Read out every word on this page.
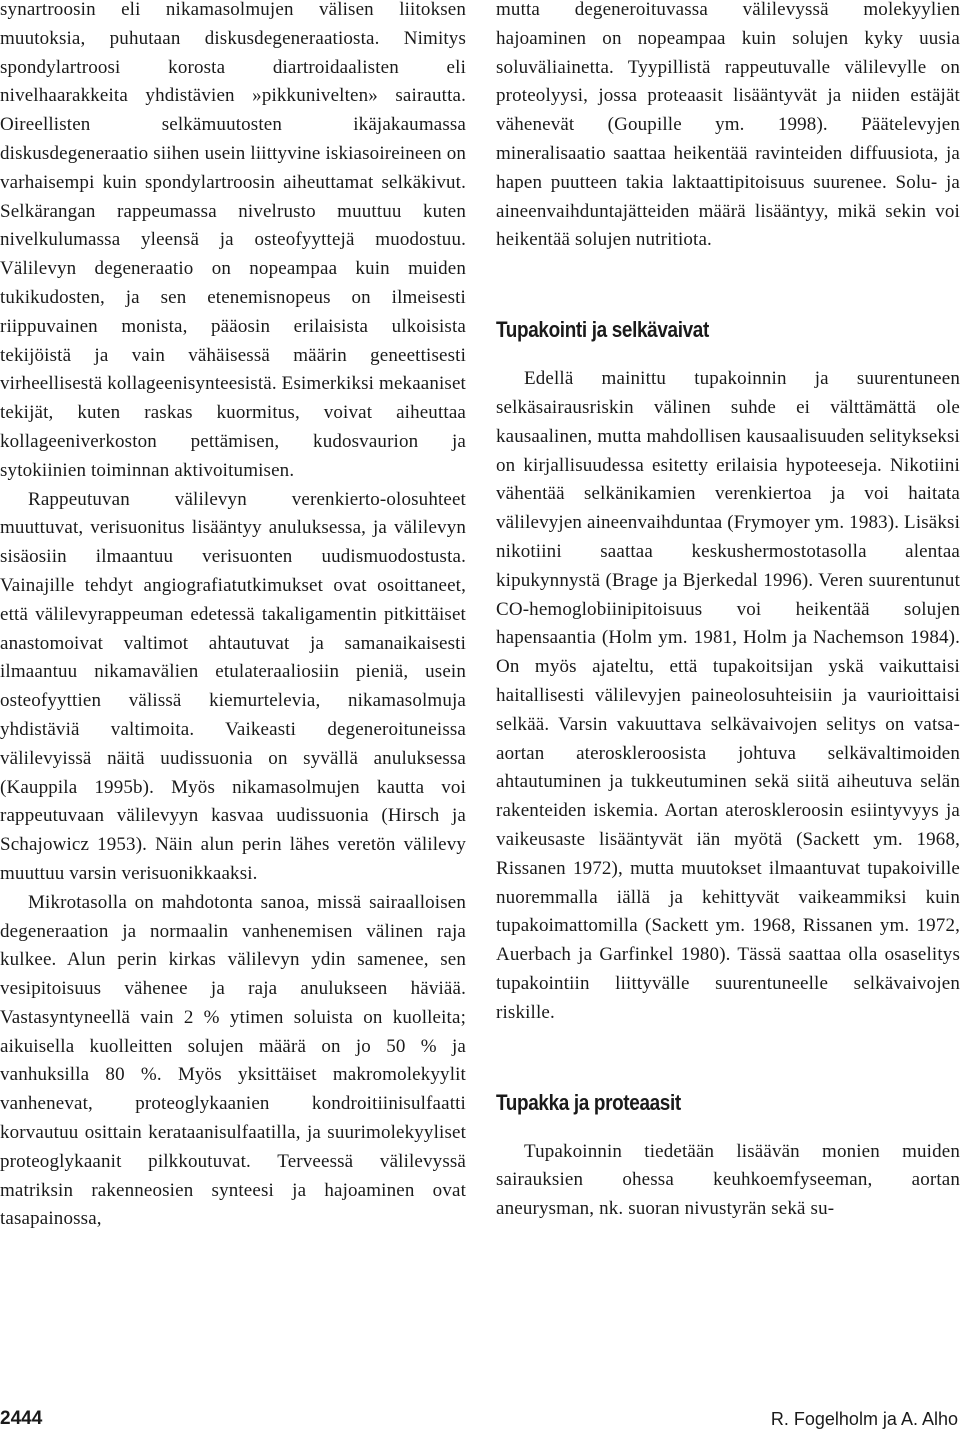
synartroosin eli nikamasolmujen välisen liitoksen muutoksia, puhutaan diskusdegeneraatiosta. Nimitys spondylartroosi korosta diartroidaalisten eli nivelhaarakkeita yhdistävien »pikkunivelten» sairautta. Oireellisten selkämuutosten ikäjakaumassa diskusdegeneraatio siihen usein liittyvine iskiasoireineen on varhaisempi kuin spondylartroosin aiheuttamat selkäkivut. Selkärangan rappeumassa nivelrusto muuttuu kuten nivelkulumassa yleensä ja osteofyyttejä muodostuu. Välilevyn degeneraatio on nopeampaa kuin muiden tukikudosten, ja sen etenemisnopeus on ilmeisesti riippuvainen monista, pääosin erilaisista ulkoisista tekijöistä ja vain vähäisessä määrin geneettisesti virheellisestä kollageenisynteesistä. Esimerkiksi mekaaniset tekijät, kuten raskas kuormitus, voivat aiheuttaa kollageeniverkoston pettämisen, kudosvaurion ja sytokiinien toiminnan aktivoitumisen.

Rappeutuvan välilevyn verenkierto-olosuhteet muuttuvat, verisuonitus lisääntyy anuluksessa, ja välilevyn sisäosiin ilmaantuu verisuonten uudismuodostusta. Vainajille tehdyt angiografiatutkimukset ovat osoittaneet, että välilevyrappeuman edetessä takaligamentin pitkittäiset anastomoivat valtimot ahtautuvat ja samanaikaisesti ilmaantuu nikamavälien etulateraaliosiin pieniä, usein osteofyyttien välissä kiemurtelevia, nikamasolmuja yhdistäviä valtimoita. Vaikeasti degeneroituneissa välilevyissä näitä uudissuonia on syvällä anuluksessa (Kauppila 1995b). Myös nikamasolmujen kautta voi rappeutuvaan välilevyyn kasvaa uudissuonia (Hirsch ja Schajowicz 1953). Näin alun perin lähes veretön välilevy muuttuu varsin verisuonikkaaksi.

Mikrotasolla on mahdotonta sanoa, missä sairaalloisen degeneraation ja normaalin vanhenemisen välinen raja kulkee. Alun perin kirkas välilevyn ydin samenee, sen vesipitoisuus vähenee ja raja anulukseen häviää. Vastasyntyneellä vain 2 % ytimen soluista on kuolleita; aikuisella kuolleitten solujen määrä on jo 50 % ja vanhuksilla 80 %. Myös yksittäiset makromolekyylit vanhenevat, proteoglykaanien kondroitiinisulfaatti korvautuu osittain kerataanisulfaatilla, ja suurimolekyyliset proteoglykaanit pilkkoutuvat. Terveessä välilevyssä matriksin rakenneosien synteesi ja hajoaminen ovat tasapainossa,

mutta degeneroituvassa välilevyssä molekyylien hajoaminen on nopeampaa kuin solujen kyky uusia soluväliainetta. Tyypillistä rappeutuvalle välilevylle on proteolyysi, jossa proteaasit lisääntyvät ja niiden estäjät vähenevät (Goupille ym. 1998). Päätelevyjen mineralisaatio saattaa heikentää ravinteiden diffuusiota, ja hapen puutteen takia laktaattipitoisuus suurenee. Solu- ja aineenvaihduntajätteiden määrä lisääntyy, mikä sekin voi heikentää solujen nutritiota.

Tupakointi ja selkävaivat

Edellä mainittu tupakoinnin ja suurentuneen selkäsairausriskin välinen suhde ei välttämättä ole kausaalinen, mutta mahdollisen kausaalisuuden selitykseksi on kirjallisuudessa esitetty erilaisia hypoteeseja. Nikotiini vähentää selkänikamien verenkiertoa ja voi haitata välilevyjen aineenvaihduntaa (Frymoyer ym. 1983). Lisäksi nikotiini saattaa keskushermostotasolla alentaa kipukynnystä (Brage ja Bjerkedal 1996). Veren suurentunut CO-hemoglobiinipitoisuus voi heikentää solujen hapensaantia (Holm ym. 1981, Holm ja Nachemson 1984). On myös ajateltu, että tupakoitsijan yskä vaikuttaisi haitallisesti välilevyjen paineolosuhteisiin ja vaurioittaisi selkää. Varsin vakuuttava selkävaivojen selitys on vatsa-aortan ateroskleroosista johtuva selkävaltimoiden ahtautuminen ja tukkeutuminen sekä siitä aiheutuva selän rakenteiden iskemia. Aortan ateroskleroosin esiintyvyys ja vaikeusaste lisääntyvät iän myötä (Sackett ym. 1968, Rissanen 1972), mutta muutokset ilmaantuvat tupakoiville nuoremmalla iällä ja kehittyvät vaikeammiksi kuin tupakoimattomilla (Sackett ym. 1968, Rissanen ym. 1972, Auerbach ja Garfinkel 1980). Tässä saattaa olla osaselitys tupakointiin liittyvälle suurentuneelle selkävaivojen riskille.

Tupakka ja proteaasit

Tupakoinnin tiedetään lisäävän monien muiden sairauksien ohessa keuhkoemfyseeman, aortan aneurysman, nk. suoran nivustyrän sekä su-

2444	R. Fogelholm ja A. Alho
